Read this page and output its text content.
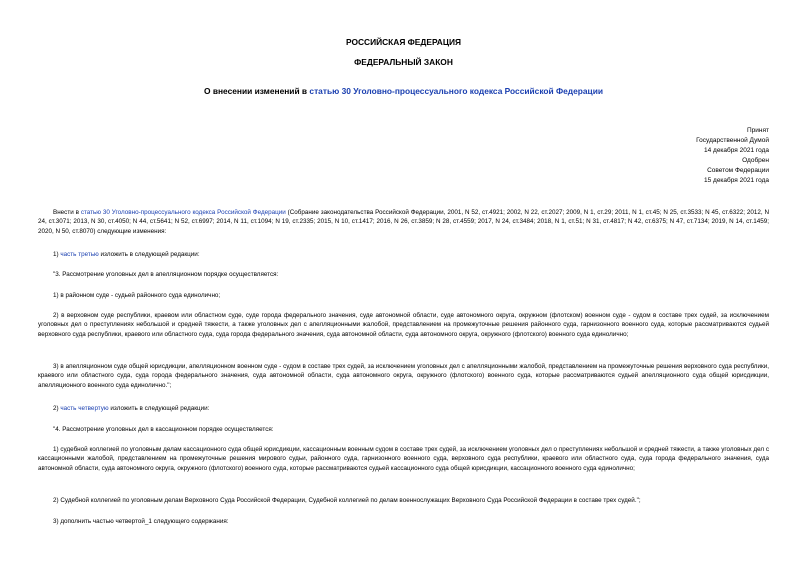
РОССИЙСКАЯ ФЕДЕРАЦИЯ
ФЕДЕРАЛЬНЫЙ ЗАКОН
О внесении изменений в статью 30 Уголовно-процессуального кодекса Российской Федерации
Принят
Государственной Думой
14 декабря 2021 года
Одобрен
Советом Федерации
15 декабря 2021 года
Внести в статью 30 Уголовно-процессуального кодекса Российской Федерации (Собрание законодательства Российской Федерации, 2001, N 52, ст.4921; 2002, N 22, ст.2027; 2009, N 1, ст.29; 2011, N 1, ст.45; N 25, ст.3533; N 45, ст.6322; 2012, N 24, ст.3071; 2013, N 30, ст.4050; N 44, ст.5641; N 52, ст.6997; 2014, N 11, ст.1094; N 19, ст.2335; 2015, N 10, ст.1417; 2016, N 26, ст.3859; N 28, ст.4559; 2017, N 24, ст.3484; 2018, N 1, ст.51; N 31, ст.4817; N 42, ст.6375; N 47, ст.7134; 2019, N 14, ст.1459; 2020, N 50, ст.8070) следующие изменения:
1) часть третью изложить в следующей редакции:
"3. Рассмотрение уголовных дел в апелляционном порядке осуществляется:
1) в районном суде - судьей районного суда единолично;
2) в верховном суде республики, краевом или областном суде, суде города федерального значения, суде автономной области, суде автономного округа, окружном (флотском) военном суде - судом в составе трех судей, за исключением уголовных дел о преступлениях небольшой и средней тяжести, а также уголовных дел с апелляционными жалобой, представлением на промежуточные решения районного суда, гарнизонного военного суда, которые рассматриваются судьей верховного суда республики, краевого или областного суда, суда города федерального значения, суда автономной области, суда автономного округа, окружного (флотского) военного суда единолично;
3) в апелляционном суде общей юрисдикции, апелляционном военном суде - судом в составе трех судей, за исключением уголовных дел с апелляционными жалобой, представлением на промежуточные решения верховного суда республики, краевого или областного суда, суда города федерального значения, суда автономной области, суда автономного округа, окружного (флотского) военного суда, которые рассматриваются судьей апелляционного суда общей юрисдикции, апелляционного военного суда единолично.";
2) часть четвертую изложить в следующей редакции:
"4. Рассмотрение уголовных дел в кассационном порядке осуществляется:
1) судебной коллегией по уголовным делам кассационного суда общей юрисдикции, кассационным военным судом в составе трех судей, за исключением уголовных дел о преступлениях небольшой и средней тяжести, а также уголовных дел с кассационными жалобой, представлением на промежуточные решения мирового судьи, районного суда, гарнизонного военного суда, верховного суда республики, краевого или областного суда, суда города федерального значения, суда автономной области, суда автономного округа, окружного (флотского) военного суда, которые рассматриваются судьей кассационного суда общей юрисдикции, кассационного военного суда единолично;
2) Судебной коллегией по уголовным делам Верховного Суда Российской Федерации, Судебной коллегией по делам военнослужащих Верховного Суда Российской Федерации в составе трех судей.";
3) дополнить частью четвертой_1 следующего содержания:
